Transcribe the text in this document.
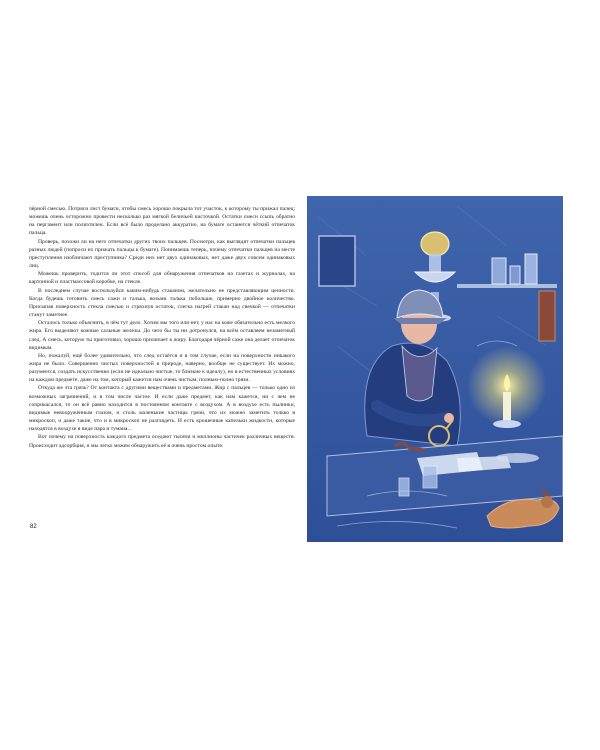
чёрной смесью. Потряси лист бумаги, чтобы смесь хорошо покрыла тот участок, к которому ты прижал палец; можешь очень осторожно провести несколько раз мягкой беличьей кисточкой. Остатки смеси ссыпь обратно на пергамент или полиэтилен. Если всё было проделано аккуратно, на бумаге останется чёткий отпечаток пальца.

Проверь, похожи ли на него отпечатки других твоих пальцев. Посмотри, как выглядят отпечатки пальцев разных людей (попроси их прижать пальцы к бумаге). Понимаешь теперь, почему отпечатки пальцев на месте преступления изобличают преступника? Среди них нет двух одинаковых, нет даже двух совсем одинаковых лиц.

Можешь проверить, годится ли этот способ для обнаружения отпечатков на газетах и журналах, на картонной и пластмассовой коробке, на стекле.

В последнем случае воспользуйся каким-нибудь стаканом, желательно не представляющим ценности. Когда будешь готовить смесь сажи и талька, возьми талька побольше, примерно двойное количество. Присыпав поверхность стекла смесью и стряхнув остаток, слегка нагрей стакан над свечкой — отпечатки станут заметнее.

Осталось только объяснить, в чём тут дело. Хотим мы того или нет, у нас на коже обязательно есть мелкого жира. Его выделяют кожные сальные железы. До чего бы ты ни дотронулся, на всём оставляем незаметный след. А смесь, которую ты приготовил, хорошо прилипает к жиру. Благодаря чёрной саже она делает отпечаток видимым.

Но, пожалуй, ещё более удивительно, что след остаётся и в том случае, если на поверхности никакого жира не было. Совершенно чистых поверхностей в природе, наверно, вообще не существует. Их можно, разумеется, создать искусственно (если не идеально чистые, то близкие к идеалу), но в естественных условиях на каждом предмете, даже на том, который кажется нам очень чистым, полным-полно грязи.

Откуда же эта грязь? От контакта с другими веществами и предметами. Жир с пальцев — только одно из возможных загрязнений, и в том числе частое. И если даже предмет, как нам кажется, ни с чем не соприкасался, то он всё равно находится в постоянном контакте с воздухом. А в воздухе есть пылинки, видимые невооружённым глазом, и столь маленькие частицы грязи, что их можно заметить только в микроскоп, и даже такие, что и в микроскоп не разглядеть. И есть крошечные капельки жидкости, которые находятся в воздухе в виде пара и тумана...

Вот почему на поверхность каждого предмета оседают тысячи и миллионы частичек различных веществ. Происходит адсорбция, и мы легко можем обнаружить её в очень простом опыте.

82
